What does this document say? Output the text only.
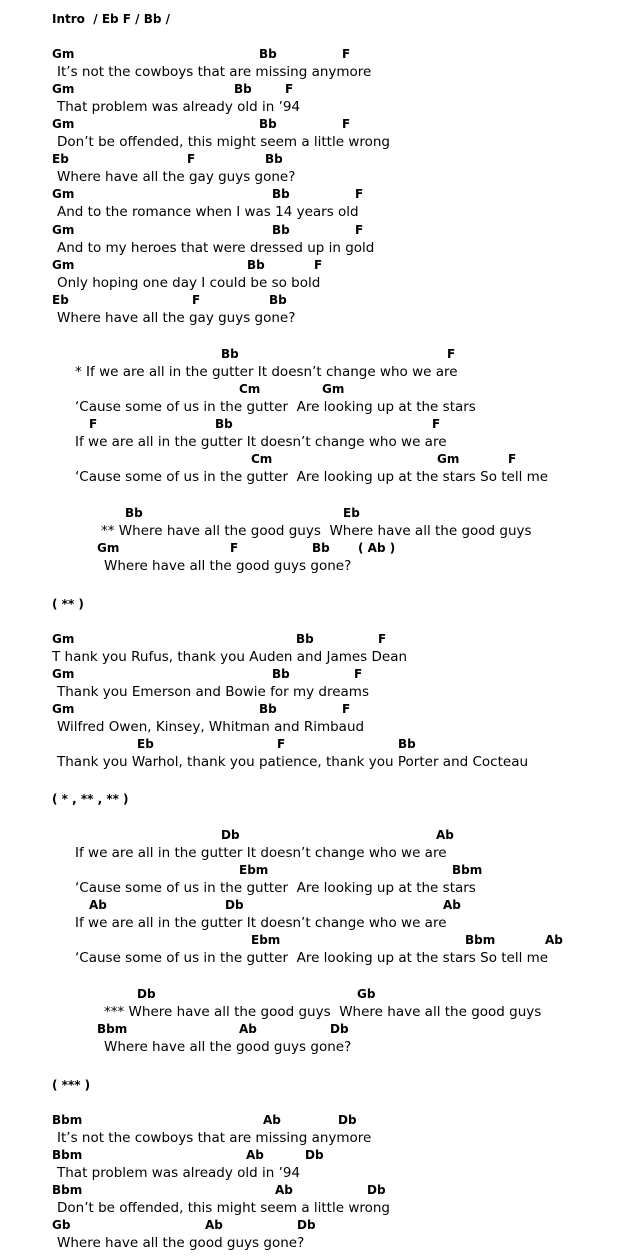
Intro  / Eb F / Bb /
Gm	Bb	F
It’s not the cowboys that are missing anymore
Gm	Bb	F
That problem was already old in ’94
Gm	Bb	F
Don’t be offended, this might seem a little wrong
Eb	F	Bb
Where have all the gay guys gone?
Gm	Bb	F
And to the romance when I was 14 years old
Gm	Bb	F
And to my heroes that were dressed up in gold
Gm	Bb	F
Only hoping one day I could be so bold
Eb	F	Bb
Where have all the gay guys gone?
Bb	F
* If we are all in the gutter It doesn’t change who we are
Cm	Gm
‘Cause some of us in the gutter  Are looking up at the stars
F	Bb	F
If we are all in the gutter It doesn’t change who we are
Cm	Gm	F
‘Cause some of us in the gutter  Are looking up at the stars So tell me
Bb	Eb
** Where have all the good guys  Where have all the good guys
Gm	F	Bb ( Ab )
Where have all the good guys gone?
( ** )
Gm	Bb	F
T hank you Rufus, thank you Auden and James Dean
Gm	Bb	F
Thank you Emerson and Bowie for my dreams
Gm	Bb	F
Wilfred Owen, Kinsey, Whitman and Rimbaud
Eb	F	Bb
Thank you Warhol, thank you patience, thank you Porter and Cocteau
( * , ** , ** )
Db	Ab
If we are all in the gutter It doesn’t change who we are
Ebm	Bbm
‘Cause some of us in the gutter  Are looking up at the stars
Ab	Db	Ab
If we are all in the gutter It doesn’t change who we are
Ebm	Bbm	Ab
‘Cause some of us in the gutter  Are looking up at the stars So tell me
Db	Gb
*** Where have all the good guys  Where have all the good guys
Bbm	Ab	Db
Where have all the good guys gone?
( *** )
Bbm	Ab	Db
It’s not the cowboys that are missing anymore
Bbm	Ab	Db
That problem was already old in ’94
Bbm	Ab	Db
Don’t be offended, this might seem a little wrong
Gb	Ab	Db
Where have all the good guys gone?
